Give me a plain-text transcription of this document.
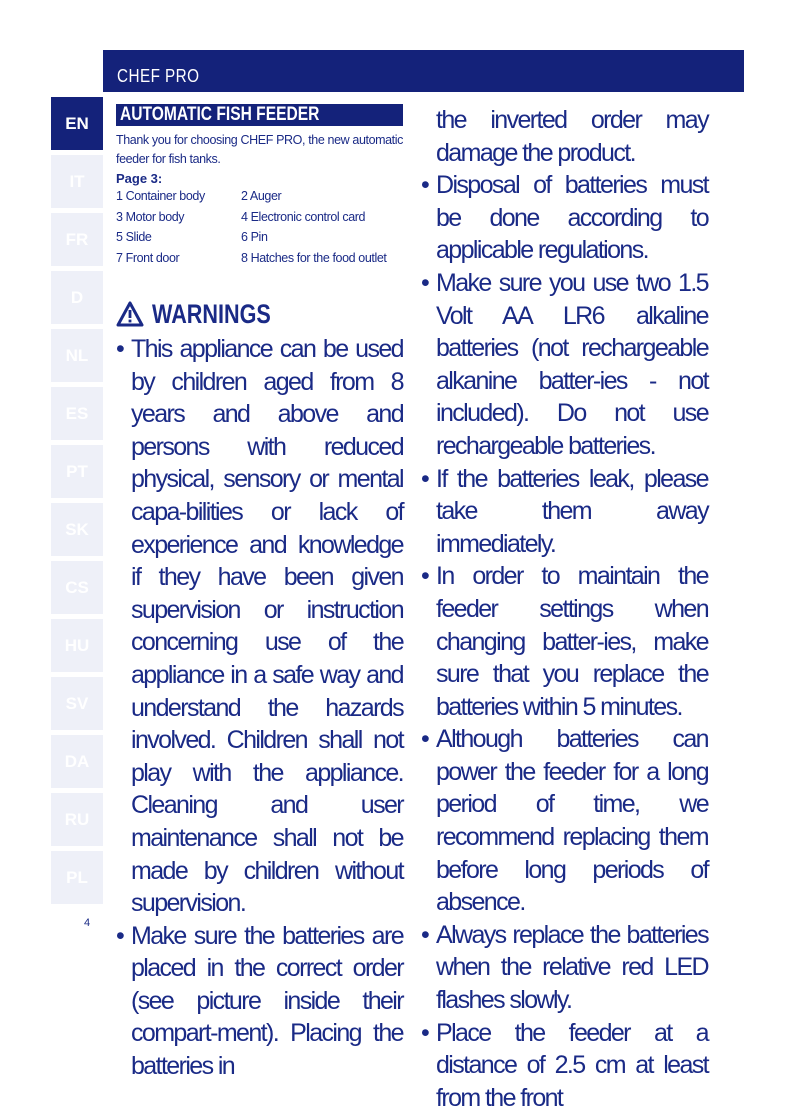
CHEF PRO
EN
IT
FR
D
NL
ES
PT
SK
CS
HU
SV
DA
RU
PL
4
AUTOMATIC FISH FEEDER
Thank you for choosing CHEF PRO, the new automatic feeder for fish tanks.
Page 3:
1 Container body	2 Auger
3 Motor body	4 Electronic control card
5 Slide	6 Pin
7 Front door	8 Hatches for the food outlet
WARNINGS
• This appliance can be used by children aged from 8 years and above and persons with reduced physical, sensory or mental capa-bilities or lack of experience and knowledge if they have been given supervision or instruction concerning use of the appliance in a safe way and understand the hazards involved. Children shall not play with the appliance. Cleaning and user maintenance shall not be made by children without supervision.
• Make sure the batteries are placed in the correct order (see picture inside their compart-ment). Placing the batteries in
the inverted order may damage the product.
• Disposal of batteries must be done according to applicable regulations.
• Make sure you use two 1.5 Volt AA LR6 alkaline batteries (not rechargeable alkanine batter-ies - not included). Do not use rechargeable batteries.
• If the batteries leak, please take them away immediately.
• In order to maintain the feeder settings when changing batter-ies, make sure that you replace the batteries within 5 minutes.
• Although batteries can power the feeder for a long period of time, we recommend replacing them before long periods of absence.
• Always replace the batteries when the relative red LED flashes slowly.
• Place the feeder at a distance of 2.5 cm at least from the front
